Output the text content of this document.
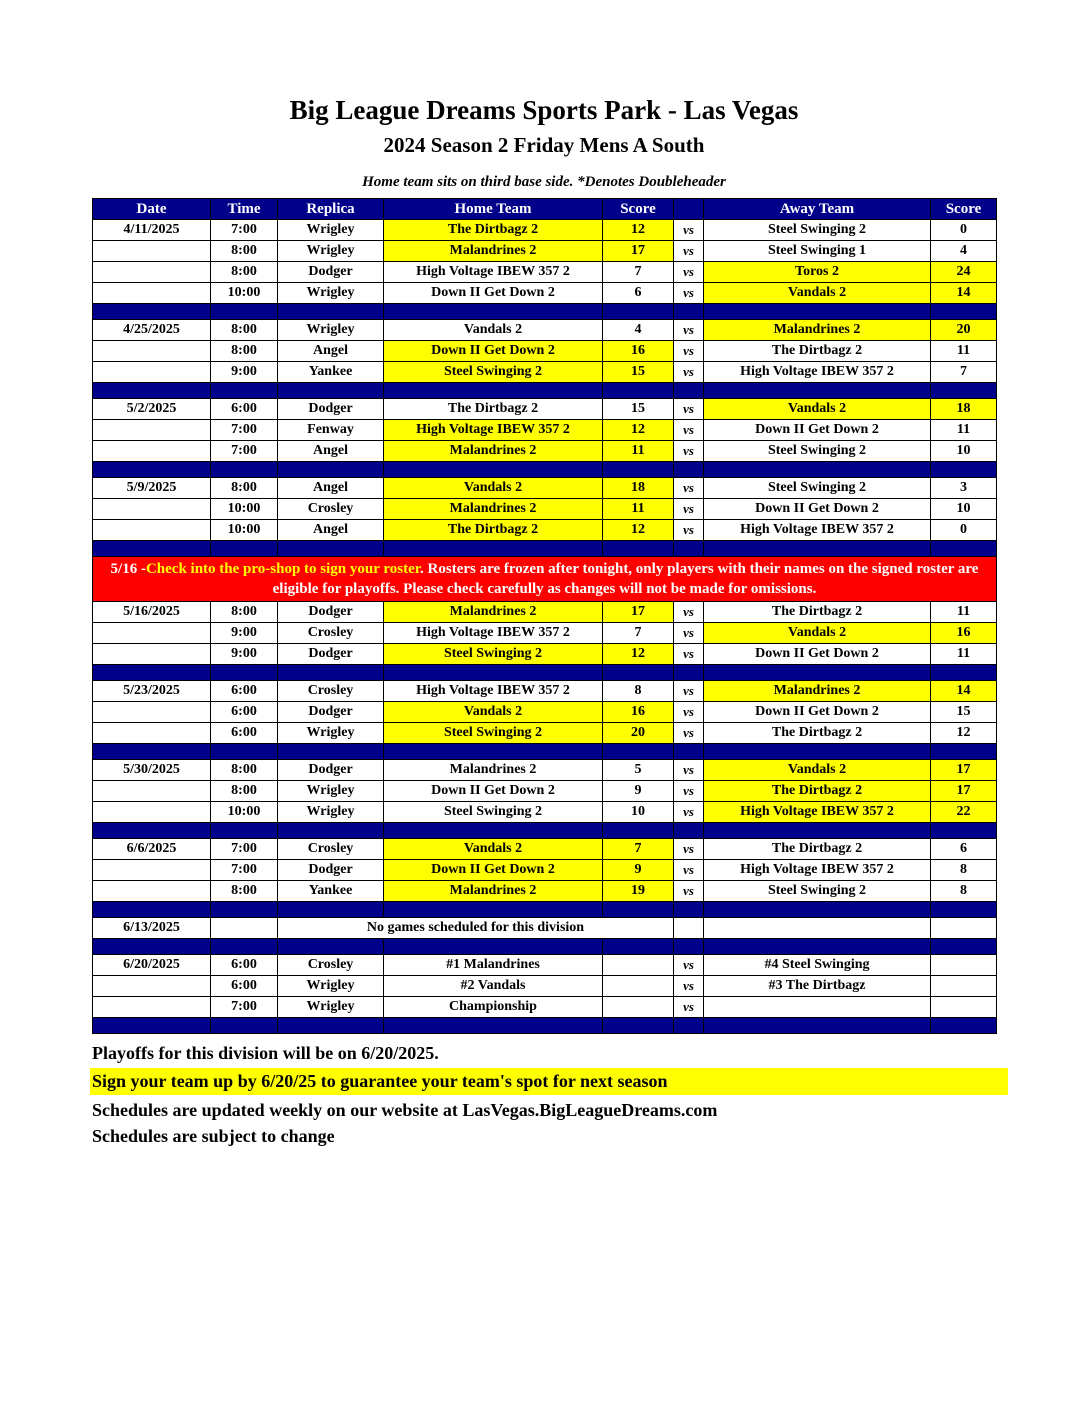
Big League Dreams Sports Park - Las Vegas
2024 Season 2 Friday Mens A South
Home team sits on third base side. *Denotes Doubleheader
Date	Time	Replica	Home Team	Score		Away Team	Score
4/11/2025	7:00	Wrigley	The Dirtbagz 2	12	vs	Steel Swinging 2	0
	8:00	Wrigley	Malandrines 2	17	vs	Steel Swinging 1	4
	8:00	Dodger	High Voltage IBEW 357 2	7	vs	Toros 2	24
	10:00	Wrigley	Down II Get Down 2	6	vs	Vandals 2	14

4/25/2025	8:00	Wrigley	Vandals 2	4	vs	Malandrines 2	20
	8:00	Angel	Down II Get Down 2	16	vs	The Dirtbagz 2	11
	9:00	Yankee	Steel Swinging 2	15	vs	High Voltage IBEW 357 2	7

5/2/2025	6:00	Dodger	The Dirtbagz 2	15	vs	Vandals 2	18
	7:00	Fenway	High Voltage IBEW 357 2	12	vs	Down II Get Down 2	11
	7:00	Angel	Malandrines 2	11	vs	Steel Swinging 2	10

5/9/2025	8:00	Angel	Vandals 2	18	vs	Steel Swinging 2	3
	10:00	Crosley	Malandrines 2	11	vs	Down II Get Down 2	10
	10:00	Angel	The Dirtbagz 2	12	vs	High Voltage IBEW 357 2	0

5/16 -Check into the pro-shop to sign your roster. Rosters are frozen after tonight, only players with their names on the signed roster are eligible for playoffs. Please check carefully as changes will not be made for omissions.							
5/16/2025	8:00	Dodger	Malandrines 2	17	vs	The Dirtbagz 2	11
	9:00	Crosley	High Voltage IBEW 357 2	7	vs	Vandals 2	16
	9:00	Dodger	Steel Swinging 2	12	vs	Down II Get Down 2	11

5/23/2025	6:00	Crosley	High Voltage IBEW 357 2	8	vs	Malandrines 2	14
	6:00	Dodger	Vandals 2	16	vs	Down II Get Down 2	15
	6:00	Wrigley	Steel Swinging 2	20	vs	The Dirtbagz 2	12

5/30/2025	8:00	Dodger	Malandrines 2	5	vs	Vandals 2	17
	8:00	Wrigley	Down II Get Down 2	9	vs	The Dirtbagz 2	17
	10:00	Wrigley	Steel Swinging 2	10	vs	High Voltage IBEW 357 2	22

6/6/2025	7:00	Crosley	Vandals 2	7	vs	The Dirtbagz 2	6
	7:00	Dodger	Down II Get Down 2	9	vs	High Voltage IBEW 357 2	8
	8:00	Yankee	Malandrines 2	19	vs	Steel Swinging 2	8

6/13/2025		No games scheduled for this division					

6/20/2025	6:00	Crosley	#1 Malandrines		vs	#4 Steel Swinging	
	6:00	Wrigley	#2 Vandals		vs	#3 The Dirtbagz	
	7:00	Wrigley	Championship		vs		

Playoffs for this division will be on 6/20/2025.
Sign your team up by 6/20/25 to guarantee your team's spot for next season
Schedules are updated weekly on our website at LasVegas.BigLeagueDreams.com
Schedules are subject to change
